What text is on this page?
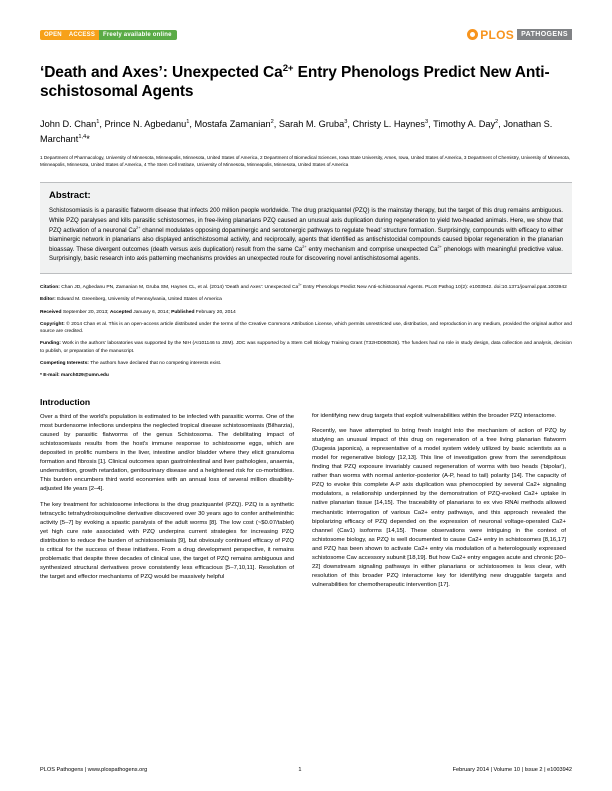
OPEN	ACCESS	Freely available online	PLOS	PATHOGENS
‘Death and Axes’: Unexpected $Ca^{2+}$ Entry Phenologs Predict New Anti-schistosomal Agents
John D. Chan$^1$, Prince N. Agbedanu$^1$, Mostafa Zamanian$^2$, Sarah M. Gruba$^3$, Christy L. Haynes$^3$, Timothy A. Day$^2$, Jonathan S. Marchant$^{1,4}$*
1 Department of Pharmacology, University of Minnesota, Minneapolis, Minnesota, United States of America, 2 Department of Biomedical Sciences, Iowa State University, Ames, Iowa, United States of America, 3 Department of Chemistry, University of Minnesota, Minneapolis, Minnesota, United States of America, 4 The Stem Cell Institute, University of Minnesota, Minneapolis, Minnesota, United States of America
Abstract:
Schistosomiasis is a parasitic flatworm disease that infects 200 million people worldwide. The drug praziquantel (PZQ) is the mainstay therapy, but the target of this drug remains ambiguous. While PZQ paralyses and kills parasitic schistosomes, in free-living planarians PZQ caused an unusual axis duplication during regeneration to yield two-headed animals. Here, we show that PZQ activation of a neuronal $Ca^{2+}$ channel modulates opposing dopaminergic and serotonergic pathways to regulate ‘head’ structure formation. Surprisingly, compounds with efficacy to either biaminergic network in planarians also displayed antischistosomal activity, and reciprocally, agents that identified as antischistocidal compounds caused bipolar regeneration in the planarian bioassay. These divergent outcomes (death versus axis duplication) result from the same $Ca^{2+}$ entry mechanism and comprise unexpected $Ca^{2+}$ phenologs with meaningful predictive value. Surprisingly, basic research into axis patterning mechanisms provides an unexpected route for discovering novel antischistosomal agents.

Citation: Chan JD, Agbedanu PN, Zamanian M, Gruba SM, Haynes CL, et al. (2014) ‘Death and Axes’: Unexpected $Ca^{2+}$ Entry Phenologs Predict New Anti-schistosomal Agents. PLoS Pathog 10(2): e1003942. doi:10.1371/journal.ppat.1003942

Editor: Edward M. Greenberg, University of Pennsylvania, United States of America

Received September 20, 2013; Accepted January 6, 2014; Published February 20, 2014

Copyright: © 2014 Chan et al. This is an open-access article distributed under the terms of the Creative Commons Attribution License, which permits unrestricted use, distribution, and reproduction in any medium, provided the original author and source are credited.

Funding: Work in the authors’ laboratories was supported by the NIH (AI101146 to JSM). JDC was supported by a Stem Cell Biology Training Grant (T32HD060536). The funders had no role in study design, data collection and analysis, decision to publish, or preparation of the manuscript.

Competing Interests: The authors have declared that no competing interests exist.

* E-mail: march029@umn.edu

Introduction

Over a third of the world's population is estimated to be infected with parasitic worms. One of the most burdensome infections underpins the neglected tropical disease schistosomiasis (Bilharzia), caused by parasitic flatworms of the genus Schistosoma. The debilitating impact of schistosomiasis results from the host's immune response to schistosome eggs, which are deposited in prolific numbers in the liver, intestine and/or bladder where they elicit granuloma formation and fibrosis [1]. Clinical outcomes span gastrointestinal and liver pathologies, anaemia, undernutrition, growth retardation, genitourinary disease and a heightened risk for co-morbidities. This burden encumbers third world economies with an annual loss of several million disability-adjusted life years [2–4].

The key treatment for schistosome infections is the drug praziquantel (PZQ). PZQ is a synthetic tetracyclic tetrahydroisoquinoline derivative discovered over 30 years ago to confer anthelminthic activity [5–7] by evoking a spastic paralysis of the adult worms [8]. The low cost (~$0.07/tablet) yet high cure rate associated with PZQ underpins current strategies for increasing PZQ distribution to reduce the burden of schistosomiasis [9], but obviously continued efficacy of PZQ is critical for the success of these initiatives. From a drug development perspective, it remains problematic that despite three decades of clinical use, the target of PZQ remains ambiguous and synthesized structural derivatives prove consistently less efficacious [5–7,10,11]. Resolution of the target and effector mechanisms of PZQ would be massively helpful

for identifying new drug targets that exploit vulnerabilities within the broader PZQ interactome.

Recently, we have attempted to bring fresh insight into the mechanism of action of PZQ by studying an unusual impact of this drug on regeneration of a free living planarian flatworm (Dugesia japonica), a representative of a model system widely utilized by basic scientists as a model for regenerative biology [12,13]. This line of investigation grew from the serendipitous finding that PZQ exposure invariably caused regeneration of worms with two heads ('bipolar'), rather than worms with normal anterior-posterior (A-P, head to tail) polarity [14]. The capacity of PZQ to evoke this complete A-P axis duplication was phenocopied by several Ca2+ signaling modulators, a relationship underpinned by the demonstration of PZQ-evoked Ca2+ uptake in native planarian tissue [14,15]. The traceability of planarians to ex vivo RNAi methods allowed mechanistic interrogation of various Ca2+ entry pathways, and this approach revealed the bipolarizing efficacy of PZQ depended on the expression of neuronal voltage-operated Ca2+ channel (Cav1) isoforms [14,15]. These observations were intriguing in the context of schistosome biology, as PZQ is well documented to cause Ca2+ entry in schistosomes [8,16,17] and PZQ has been shown to activate Ca2+ entry via modulation of a heterologously expressed schistosome Cav accessory subunit [18,19]. But how Ca2+ entry engages acute and chronic [20–22] downstream signaling pathways in either planarians or schistosomes is less clear, with resolution of this broader PZQ interactome key for identifying new druggable targets and vulnerabilities for chemotherapeutic intervention [17].

PLOS Pathogens | www.plospathogens.org	1	February 2014 | Volume 10 | Issue 2 | e1003942
